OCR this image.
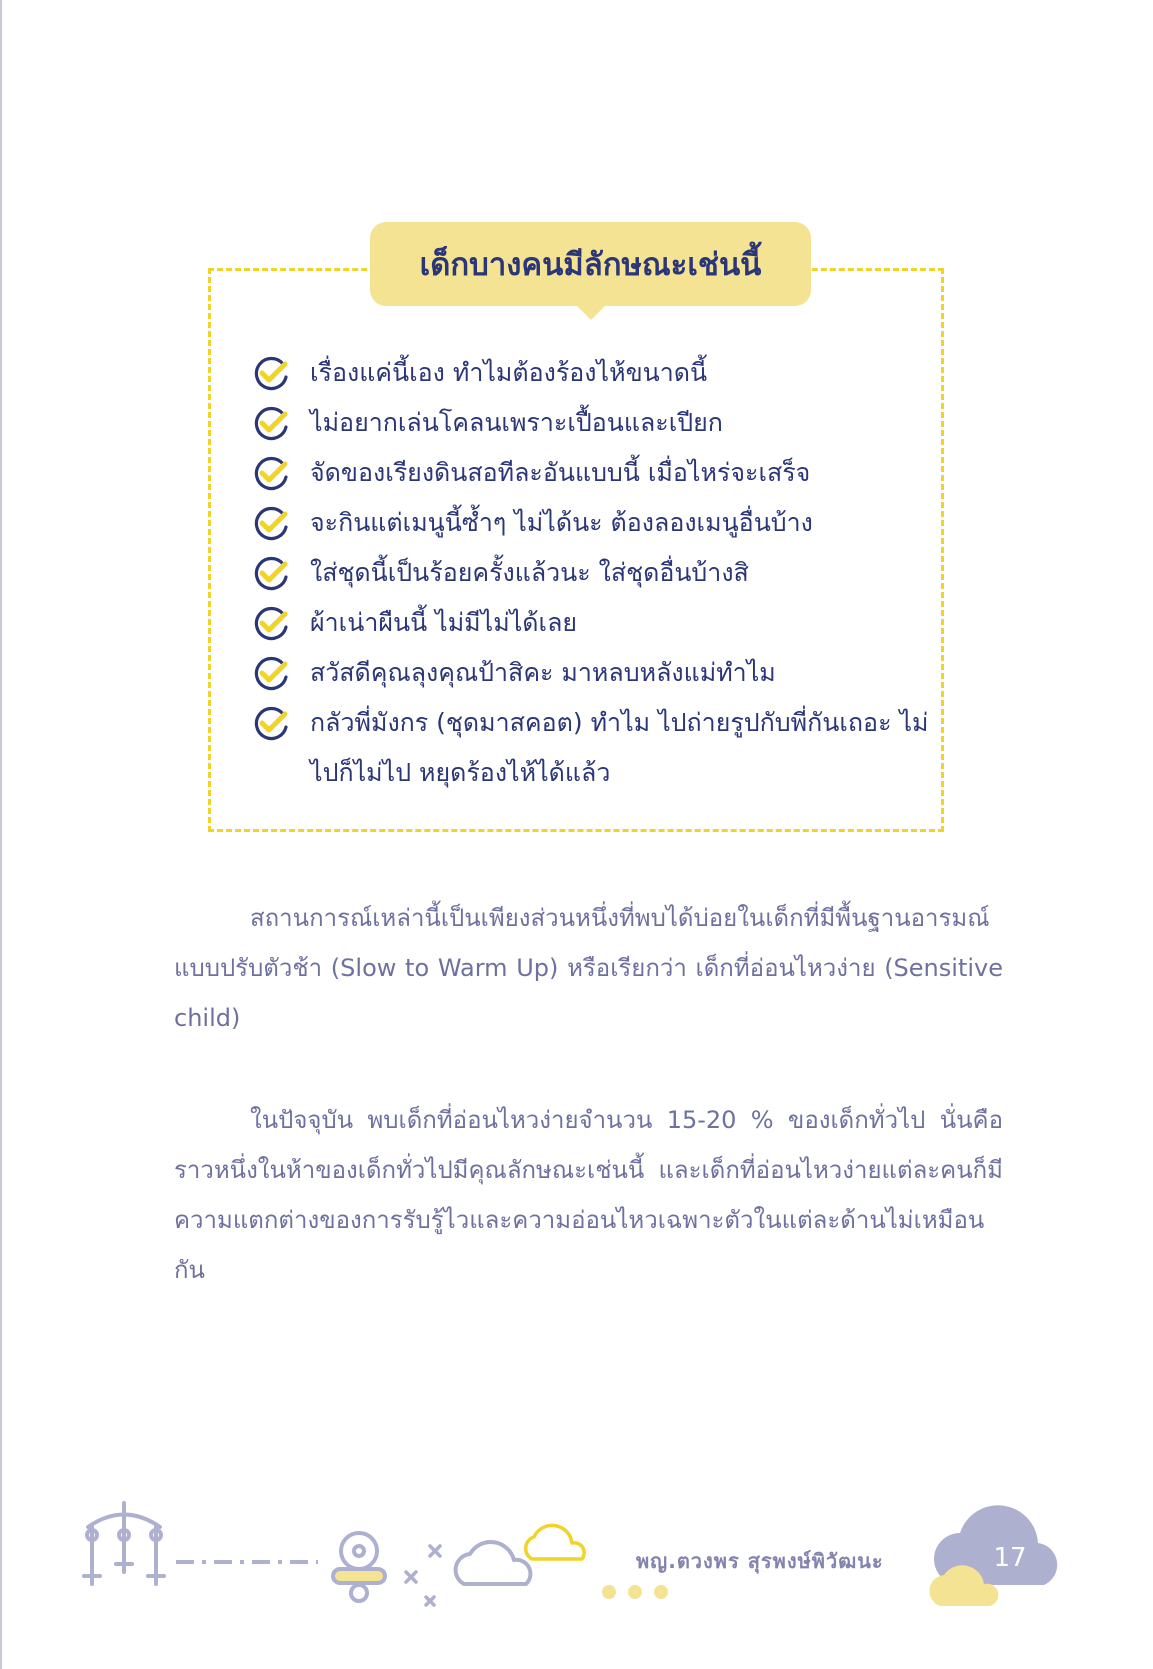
เด็กบางคนมีลักษณะเช่นนี้
เรื่องแค่นี้เอง ทำไมต้องร้องไห้ขนาดนี้
ไม่อยากเล่นโคลนเพราะเปื้อนและเปียก
จัดของเรียงดินสอทีละอันแบบนี้ เมื่อไหร่จะเสร็จ
จะกินแต่เมนูนี้ซ้ำๆ ไม่ได้นะ ต้องลองเมนูอื่นบ้าง
ใส่ชุดนี้เป็นร้อยครั้งแล้วนะ ใส่ชุดอื่นบ้างสิ
ผ้าเน่าผืนนี้ ไม่มีไม่ได้เลย
สวัสดีคุณลุงคุณป้าสิคะ มาหลบหลังแม่ทำไม
กลัวพี่มังกร (ชุดมาสคอต) ทำไม ไปถ่ายรูปกับพี่กันเถอะ ไม่ไปก็ไม่ไป หยุดร้องไห้ได้แล้ว

สถานการณ์เหล่านี้เป็นเพียงส่วนหนึ่งที่พบได้บ่อยในเด็กที่มีพื้นฐานอารมณ์แบบปรับตัวช้า (Slow to Warm Up) หรือเรียกว่า เด็กที่อ่อนไหวง่าย (Sensitive child)

ในปัจจุบัน พบเด็กที่อ่อนไหวง่ายจำนวน 15-20 % ของเด็กทั่วไป นั่นคือราวหนึ่งในห้าของเด็กทั่วไปมีคุณลักษณะเช่นนี้ และเด็กที่อ่อนไหวง่ายแต่ละคนก็มีความแตกต่างของการรับรู้ไวและความอ่อนไหวเฉพาะตัวในแต่ละด้านไม่เหมือนกัน

พญ.ตวงพร สุรพงษ์พิวัฒนะ	17
